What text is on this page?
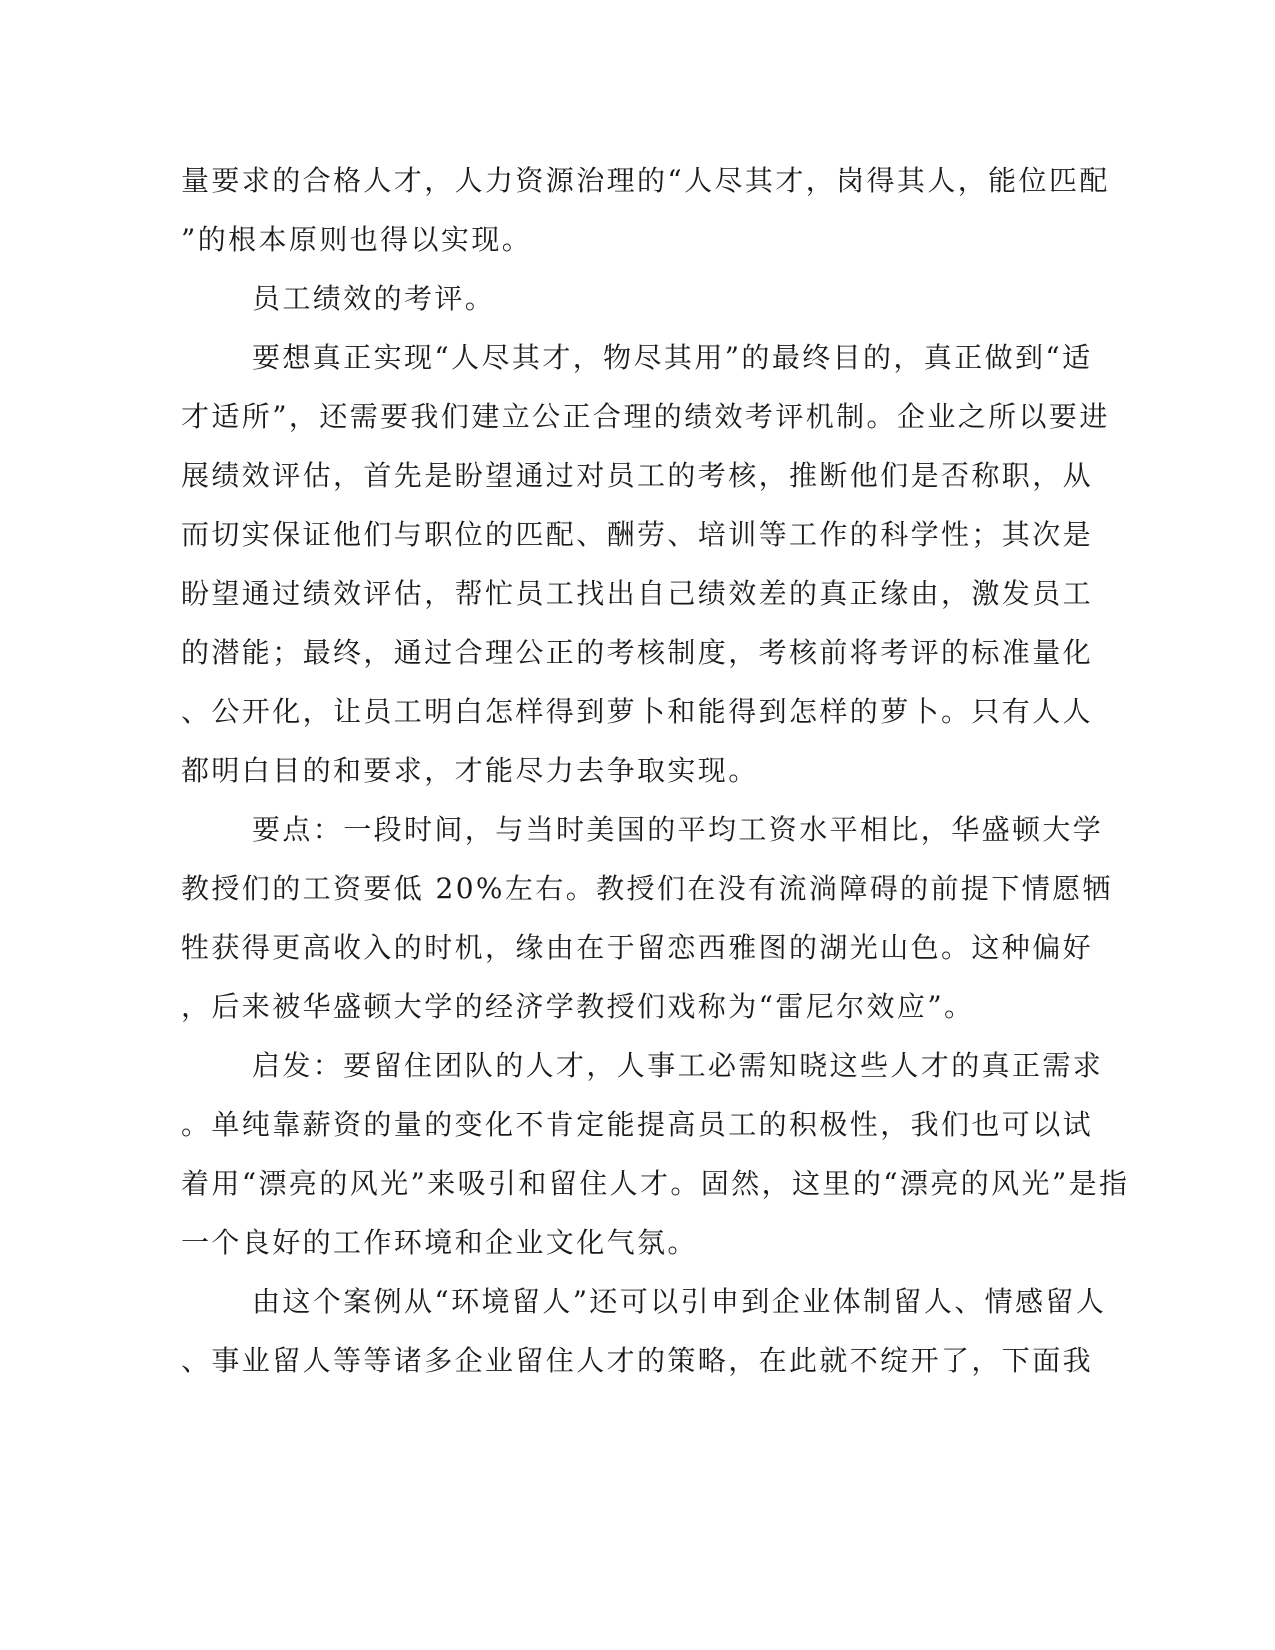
量要求的合格人才，人力资源治理的“人尽其才，岗得其人，能位匹配
”的根本原则也得以实现。
员工绩效的考评。
要想真正实现“人尽其才，物尽其用”的最终目的，真正做到“适
才适所”，还需要我们建立公正合理的绩效考评机制。企业之所以要进
展绩效评估，首先是盼望通过对员工的考核，推断他们是否称职，从
而切实保证他们与职位的匹配、酬劳、培训等工作的科学性；其次是
盼望通过绩效评估，帮忙员工找出自己绩效差的真正缘由，激发员工
的潜能；最终，通过合理公正的考核制度，考核前将考评的标准量化
、公开化，让员工明白怎样得到萝卜和能得到怎样的萝卜。只有人人
都明白目的和要求，才能尽力去争取实现。
要点：一段时间，与当时美国的平均工资水平相比，华盛顿大学
教授们的工资要低 20%左右。教授们在没有流淌障碍的前提下情愿牺
牲获得更高收入的时机，缘由在于留恋西雅图的湖光山色。这种偏好
，后来被华盛顿大学的经济学教授们戏称为“雷尼尔效应”。
启发：要留住团队的人才，人事工必需知晓这些人才的真正需求
。单纯靠薪资的量的变化不肯定能提高员工的积极性，我们也可以试
着用“漂亮的风光”来吸引和留住人才。固然，这里的“漂亮的风光”是指
一个良好的工作环境和企业文化气氛。
由这个案例从“环境留人”还可以引申到企业体制留人、情感留人
、事业留人等等诸多企业留住人才的策略，在此就不绽开了，下面我
